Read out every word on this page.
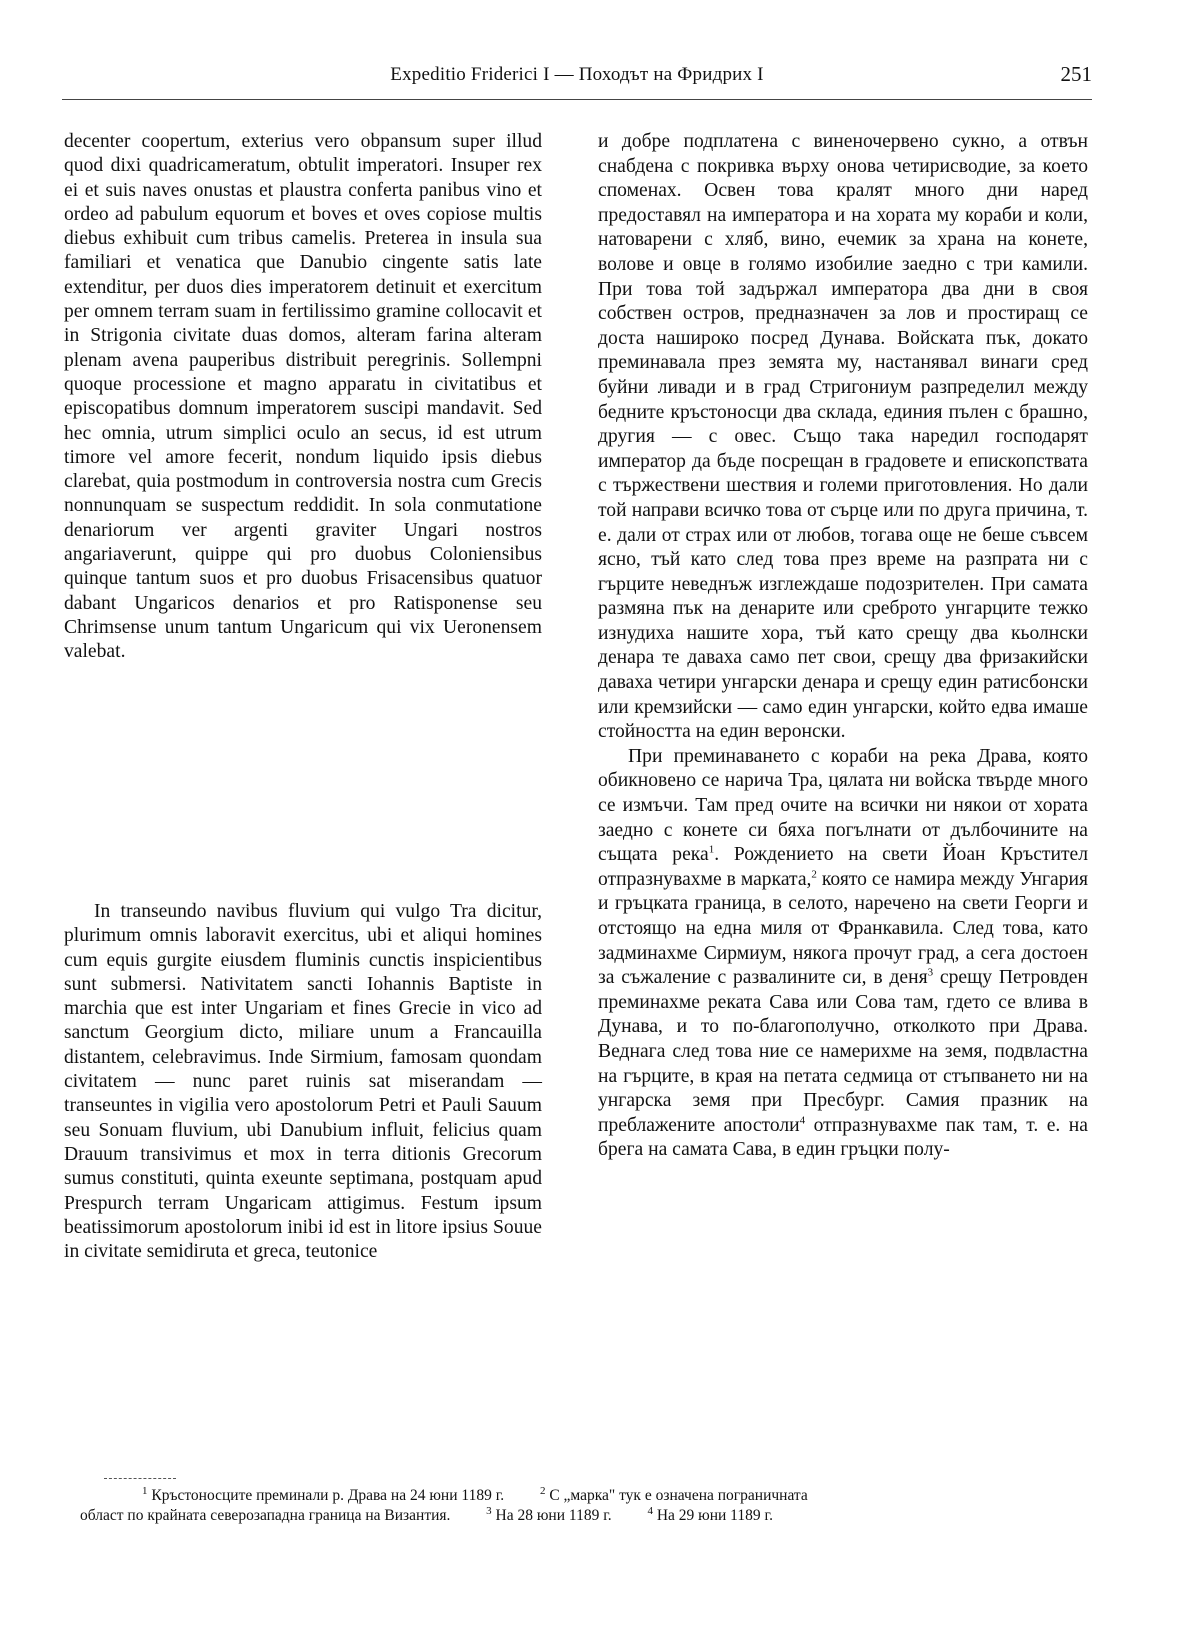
Expeditio Friderici I — Походът на Фридрих I	251

decenter coopertum, exterius vero obpansum super illud quod dixi quadricameratum, obtulit imperatori. Insuper rex ei et suis naves onustas et plaustra conferta panibus vino et ordeo ad pabulum equorum et boves et oves copiose multis diebus exhibuit cum tribus camelis. Preterea in insula sua familiari et venatica que Danubio cingente satis late extenditur, per duos dies imperatorem detinuit et exercitum per omnem terram suam in fertilissimo gramine collocavit et in Strigonia civitate duas domos, alteram farina alteram plenam avena pauperibus distribuit peregrinis. Sollempni quoque processione et magno apparatu in civitatibus et episcopatibus domnum imperatorem suscipi mandavit. Sed hec omnia, utrum simplici oculo an secus, id est utrum timore vel amore fecerit, nondum liquido ipsis diebus clarebat, quia postmodum in controversia nostra cum Grecis nonnunquam se suspectum reddidit. In sola conmutatione denariorum ver argenti graviter Ungari nostros angariaverunt, quippe qui pro duobus Coloniensibus quinque tantum suos et pro duobus Frisacensibus quatuor dabant Ungaricos denarios et pro Ratisponense seu Chrimsense unum tantum Ungaricum qui vix Ueronensem valebat.

In transeundo navibus fluvium qui vulgo Tra dicitur, plurimum omnis laboravit exercitus, ubi et aliqui homines cum equis gurgite eiusdem fluminis cunctis inspicientibus sunt submersi. Nativitatem sancti Iohannis Baptiste in marchia que est inter Ungariam et fines Grecie in vico ad sanctum Georgium dicto, miliare unum a Francauilla distantem, celebravimus. Inde Sirmium, famosam quondam civitatem — nunc paret ruinis sat miserandam — transeuntes in vigilia vero apostolorum Petri et Pauli Sauum seu Sonuam fluvium, ubi Danubium influit, felicius quam Drauum transivimus et mox in terra ditionis Grecorum sumus constituti, quinta exeunte septimana, postquam apud Prespurch terram Ungaricam attigimus. Festum ipsum beatissimorum apostolorum inibi id est in litore ipsius Souue in civitate semidiruta et greca, teutonice

и добре подплатена с виненочервено сукно, а отвън снабдена с покривка върху онова четирисводие, за което споменах. Освен това кралят много дни наред предоставял на императора и на хората му кораби и коли, натоварени с хляб, вино, ечемик за храна на конете, волове и овце в голямо изобилие заедно с три камили. При това той задържал императора два дни в своя собствен остров, предназначен за лов и простиращ се доста нашироко посред Дунава. Войската пък, докато преминавала през земята му, настанявал винаги сред буйни ливади и в град Стригониум разпределил между бедните кръстоносци два склада, единия пълен с брашно, другия — с овес. Също така наредил господарят император да бъде посрещан в градовете и епископствата с тържествени шествия и големи приготовления. Но дали той направи всичко това от сърце или по друга причина, т. е. дали от страх или от любов, тогава още не беше съвсем ясно, тъй като след това през време на разпрата ни с гърците неведнъж изглеждаше подозрителен. При самата размяна пък на денарите или среброто унгарците тежко изнудиха нашите хора, тъй като срещу два кьолнски денара те даваха само пет свои, срещу два фризакийски даваха четири унгарски денара и срещу един ратисбонски или кремзийски — само един унгарски, който едва имаше стойността на един веронски.

При преминаването с кораби на река Драва, която обикновено се нарича Тра, цялата ни войска твърде много се измъчи. Там пред очите на всички ни някои от хората заедно с конете си бяха погълнати от дълбочините на същата река$^1$. Рождението на свети Йоан Кръстител отпразнувахме в марката,$^2$ която се намира между Унгария и гръцката граница, в селото, наречено на свети Георги и отстоящо на една миля от Франкавила. След това, като задминахме Сирмиум, някога прочут град, а сега достоен за съжаление с развалините си, в деня$^3$ срещу Петровден преминахме реката Сава или Сова там, гдето се влива в Дунава, и то по-благополучно, отколкото при Драва. Веднага след това ние се намерихме на земя, подвластна на гърците, в края на петата седмица от стъпването ни на унгарска земя при Пресбург. Самия празник на преблажените апостоли$^4$ отпразнувахме пак там, т. е. на брега на самата Сава, в един гръцки полу-

$^1$ Кръстоносците преминали р. Драва на 24 юни 1189 г.	$^2$ С „марка" тук е означена пограничната
област по крайната северозападна граница на Византия.	$^3$ На 28 юни 1189 г.	$^4$ На 29 юни 1189 г.
